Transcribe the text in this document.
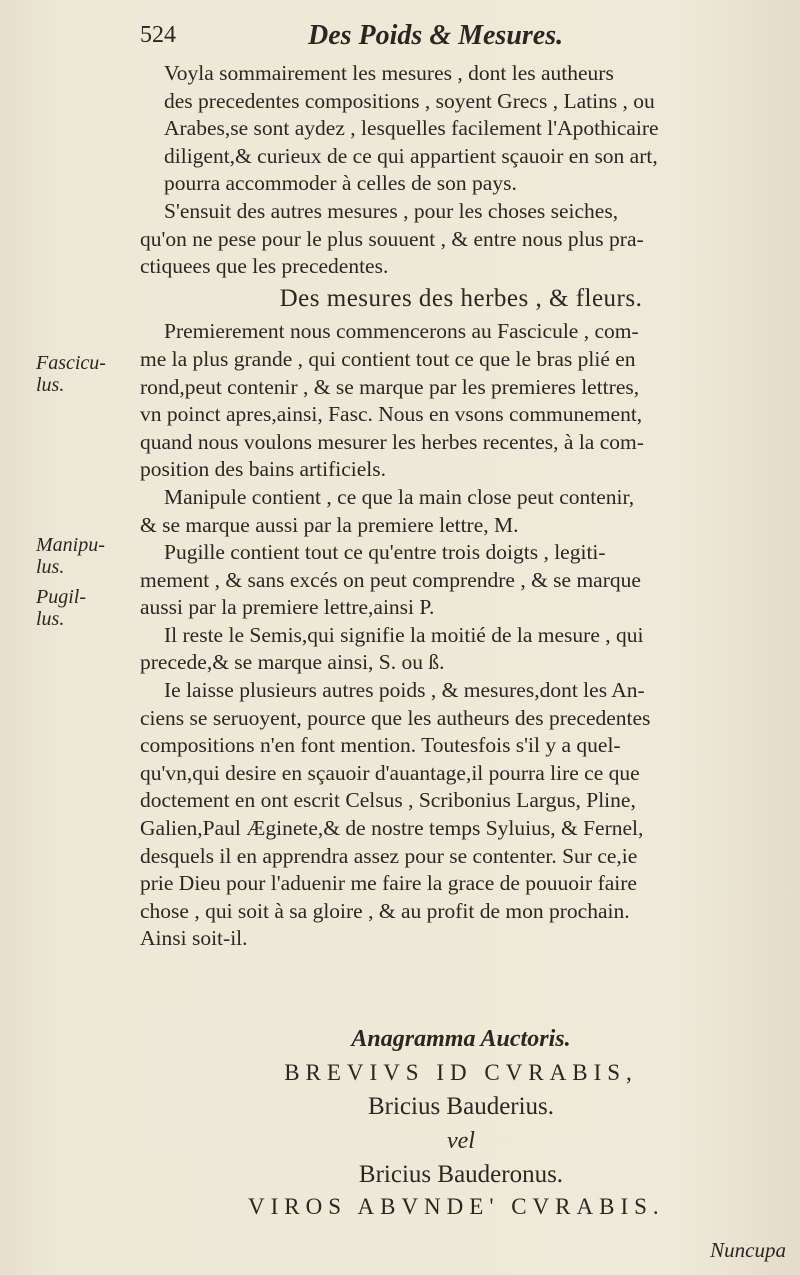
524	Des Poids & Mesures.

Voyla sommairement les mesures , dont les autheurs
des precedentes compositions , soyent Grecs , Latins , ou
Arabes,se sont aydez , lesquelles facilement l'Apothicaire
diligent,& curieux de ce qui appartient sçauoir en son art,
pourra accommoder à celles de son pays.

S'ensuit des autres mesures , pour les choses seiches,
qu'on ne pese pour le plus souuent , & entre nous plus pra-
ctiquees que les precedentes.

Des mesures des herbes , & fleurs.

Premierement nous commencerons au Fascicule , com-
me la plus grande , qui contient tout ce que le bras plié en
rond,peut contenir , & se marque par les premieres lettres,
vn poinct apres,ainsi, Fasc. Nous en vsons communement,
quand nous voulons mesurer les herbes recentes, à la com-
position des bains artificiels.

Manipule contient , ce que la main close peut contenir,
& se marque aussi par la premiere lettre, M.

Pugille contient tout ce qu'entre trois doigts , legiti-
mement , & sans excés on peut comprendre , & se marque
aussi par la premiere lettre,ainsi P.

Il reste le Semis,qui signifie la moitié de la mesure , qui
precede,& se marque ainsi, S. ou ß.

Ie laisse plusieurs autres poids , & mesures,dont les An-
ciens se seruoyent, pource que les autheurs des precedentes
compositions n'en font mention. Toutesfois s'il y a quel-
qu'vn,qui desire en sçauoir d'auantage,il pourra lire ce que
doctement en ont escrit Celsus , Scribonius Largus, Pline,
Galien,Paul Æginete,& de nostre temps Syluius, & Fernel,
desquels il en apprendra assez pour se contenter. Sur ce,ie
prie Dieu pour l'aduenir me faire la grace de pouuoir faire
chose , qui soit à sa gloire , & au profit de mon prochain.
Ainsi soit-il.

Fascicu-
lus.
Manipu-
lus.
Pugil-
lus.
Anagramma Auctoris.
BREVIVS ID CVRABIS,
Bricius Bauderius.
vel
Bricius Bauderonus.
VIROS ABVNDE' CVRABIS.
Nuncupa
